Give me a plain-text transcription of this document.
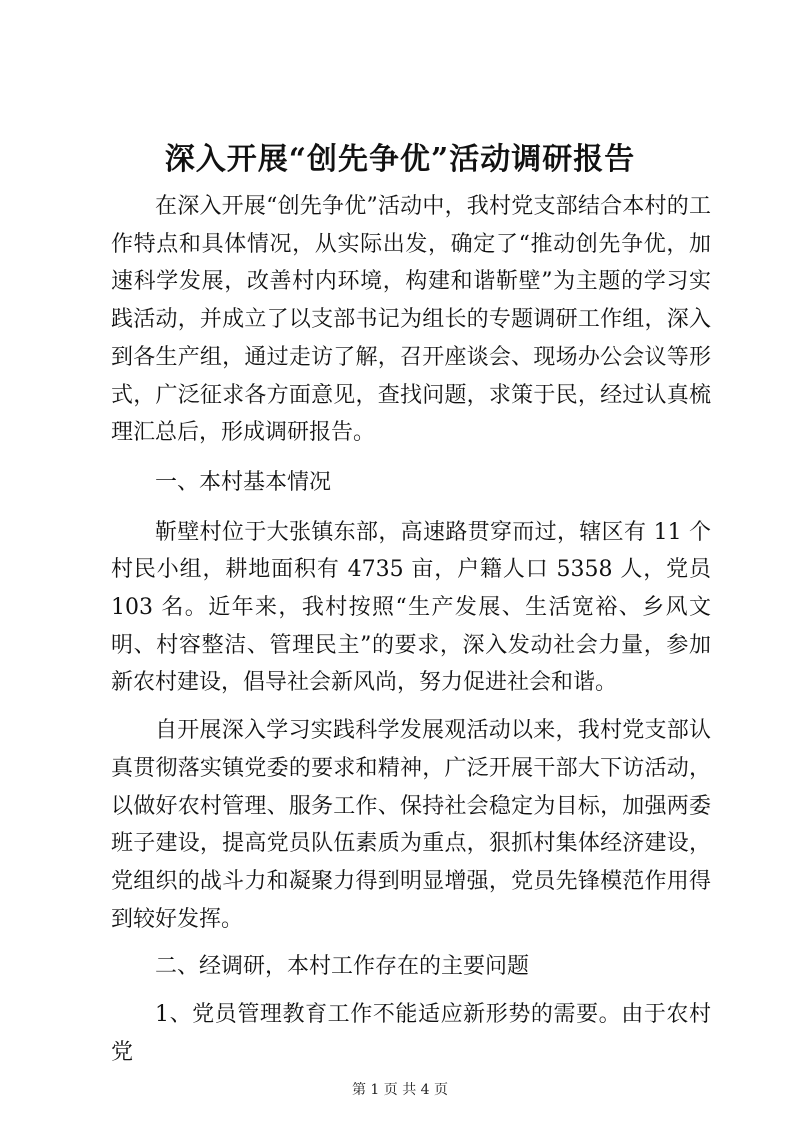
深入开展“创先争优”活动调研报告

在深入开展“创先争优”活动中，我村党支部结合本村的工作特点和具体情况，从实际出发，确定了“推动创先争优，加速科学发展，改善村内环境，构建和谐靳壁”为主题的学习实践活动，并成立了以支部书记为组长的专题调研工作组，深入到各生产组，通过走访了解，召开座谈会、现场办公会议等形式，广泛征求各方面意见，查找问题，求策于民，经过认真梳理汇总后，形成调研报告。

一、本村基本情况

靳壁村位于大张镇东部，高速路贯穿而过，辖区有 11 个村民小组，耕地面积有 4735 亩，户籍人口 5358 人，党员 103 名。近年来，我村按照“生产发展、生活宽裕、乡风文明、村容整洁、管理民主”的要求，深入发动社会力量，参加新农村建设，倡导社会新风尚，努力促进社会和谐。

自开展深入学习实践科学发展观活动以来，我村党支部认真贯彻落实镇党委的要求和精神，广泛开展干部大下访活动，以做好农村管理、服务工作、保持社会稳定为目标，加强两委班子建设，提高党员队伍素质为重点，狠抓村集体经济建设，党组织的战斗力和凝聚力得到明显增强，党员先锋模范作用得到较好发挥。

二、经调研，本村工作存在的主要问题

1、党员管理教育工作不能适应新形势的需要。由于农村党

第 1 页 共 4 页
